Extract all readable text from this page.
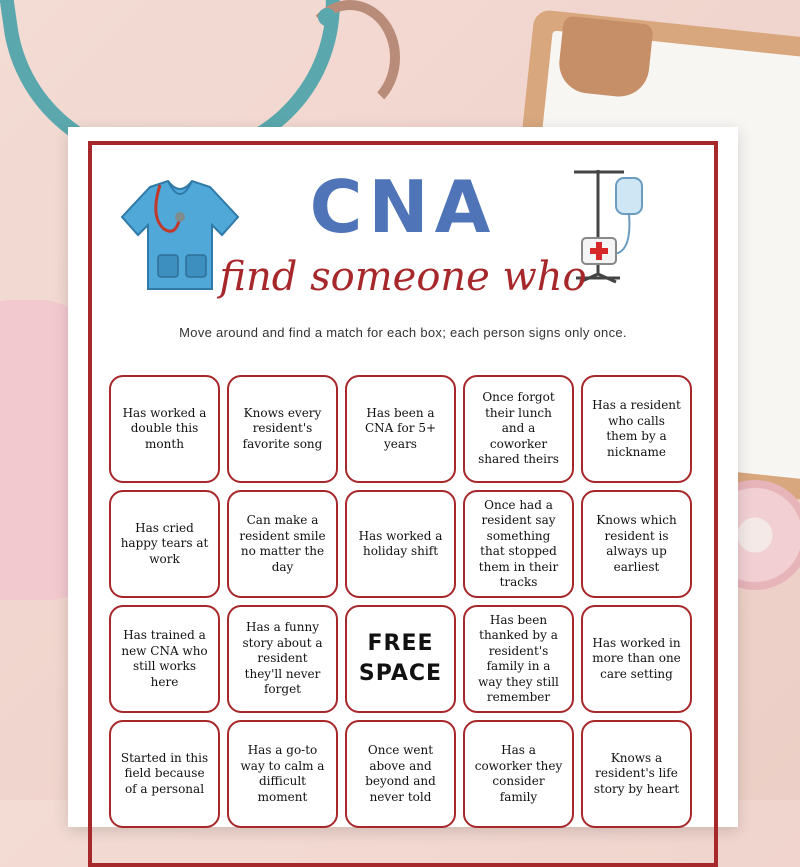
CNA
find someone who
Move around and find a match for each box; each person signs only once.
Has worked a double this month
Knows every resident's favorite song
Has been a CNA for 5+ years
Once forgot their lunch and a coworker shared theirs
Has a resident who calls them by a nickname
Has cried happy tears at work
Can make a resident smile no matter the day
Has worked a holiday shift
Once had a resident say something that stopped them in their tracks
Knows which resident is always up earliest
Has trained a new CNA who still works here
Has a funny story about a resident they'll never forget
FREE SPACE
Has been thanked by a resident's family in a way they still remember
Has worked in more than one care setting
Started in this field because of a personal
Has a go-to way to calm a difficult moment
Once went above and beyond and never told
Has a coworker they consider family
Knows a resident's life story by heart
